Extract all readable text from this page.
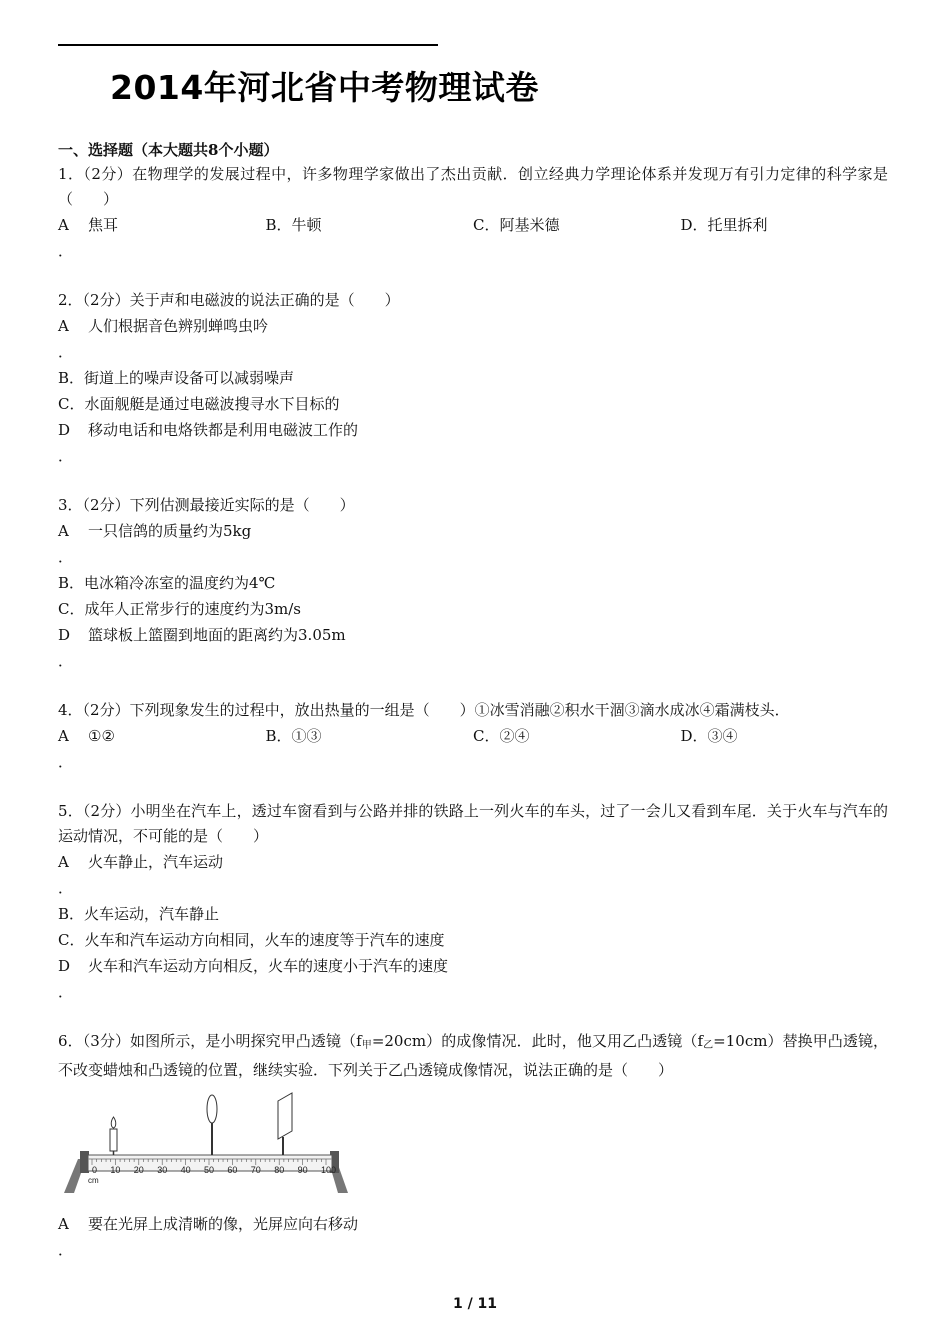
2014年河北省中考物理试卷
一、选择题（本大题共8个小题）
1．（2分）在物理学的发展过程中，许多物理学家做出了杰出贡献．创立经典力学理论体系并发现万有引力定律的科学家是（　　）
A 焦耳	B．牛顿	C．阿基米德	D．托里拆利
．
2．（2分）关于声和电磁波的说法正确的是（　　）
A 人们根据音色辨别蝉鸣虫吟
．
B．街道上的噪声设备可以减弱噪声
C．水面舰艇是通过电磁波搜寻水下目标的
D 移动电话和电烙铁都是利用电磁波工作的
．
3．（2分）下列估测最接近实际的是（　　）
A 一只信鸽的质量约为5kg
．
B．电冰箱冷冻室的温度约为4℃
C．成年人正常步行的速度约为3m/s
D 篮球板上篮圈到地面的距离约为3.05m
．
4．（2分）下列现象发生的过程中，放出热量的一组是（　　）①冰雪消融②积水干涸③滴水成冰④霜满枝头．
A ①②	B．①③	C．②④	D．③④
．
5．（2分）小明坐在汽车上，透过车窗看到与公路并排的铁路上一列火车的车头，过了一会儿又看到车尾．关于火车与汽车的运动情况，不可能的是（　　）
A 火车静止，汽车运动
．
B．火车运动，汽车静止
C．火车和汽车运动方向相同，火车的速度等于汽车的速度
D 火车和汽车运动方向相反，火车的速度小于汽车的速度
．
6．（3分）如图所示，是小明探究甲凸透镜$(f_甲=20cm)$的成像情况．此时，他又用乙凸透镜$(f_乙=10cm)$替换甲凸透镜，不改变蜡烛和凸透镜的位置，继续实验．下列关于乙凸透镜成像情况，说法正确的是（　　）
0 10 20 30 40 50 60 70 80 90 100
cm
A 要在光屏上成清晰的像，光屏应向右移动
．
1 / 11
